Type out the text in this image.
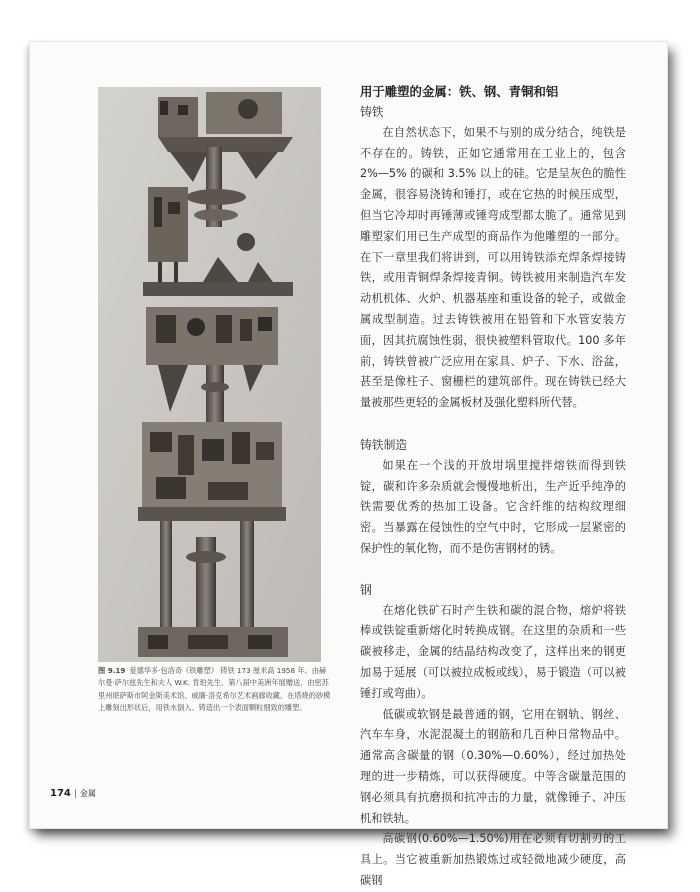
图 9.19 爱德华多·包洛奇《铁雕塑》 铸铁 173 厘米高 1958 年。由赫尔曼·萨尔兹先生和夫人 W.K. 肯珀先生、第八届中美洲年展赠送，由密苏里州堪萨斯市阿金斯美术馆、威廉·洛克希尔艺术画廊收藏。在塔烧的砂模上雕刻出形状后，用铁水倒入、铸造出一个表面颗粒细致的雕塑。
用于雕塑的金属：铁、钢、青铜和铝
铸铁

在自然状态下，如果不与别的成分结合，纯铁是不存在的。铸铁，正如它通常用在工业上的，包含 2%—5% 的碳和 3.5% 以上的硅。它是呈灰色的脆性金属，很容易浇铸和锤打，或在它热的时候压成型，但当它冷却时再锤薄或锤弯成型都太脆了。通常见到雕塑家们用已生产成型的商品作为他雕塑的一部分。在下一章里我们将讲到，可以用铸铁添充焊条焊接铸铁，或用青铜焊条焊接青铜。铸铁被用来制造汽车发动机机体、火炉、机器基座和重设备的轮子，或做金属成型制造。过去铸铁被用在铅管和下水管安装方面，因其抗腐蚀性弱，很快被塑料管取代。100 多年前，铸铁曾被广泛应用在家具、炉子、下水、浴盆，甚至是像柱子、窗栅栏的建筑部件。现在铸铁已经大量被那些更轻的金属板材及强化塑料所代替。

铸铁制造

如果在一个浅的开放坩埚里搅拌熔铁而得到铁锭，碳和许多杂质就会慢慢地析出，生产近乎纯净的铁需要优秀的热加工设备。它含纤维的结构纹理细密。当暴露在侵蚀性的空气中时，它形成一层紧密的保护性的氧化物，而不是伤害钢材的锈。

钢

在熔化铁矿石时产生铁和碳的混合物，熔炉将铁棒或铁锭重新熔化时转换成钢。在这里的杂质和一些碳被移走，金属的结晶结构改变了，这样出来的钢更加易于延展（可以被拉成板或线），易于锻造（可以被锤打或弯曲）。

低碳或软钢是最普通的钢，它用在钢轨、钢丝、汽车车身，水泥混凝土的钢筋和几百种日常物品中。通常高含碳量的钢（0.30%—0.60%），经过加热处理的进一步精炼，可以获得硬度。中等含碳量范围的钢必须具有抗磨损和抗冲击的力量，就像锤子、冲压机和铁轨。

高碳钢(0.60%—1.50%)用在必须有切割刃的工具上。当它被重新加热锻炼过或轻微地减少硬度，高碳钢

174 | 金属
